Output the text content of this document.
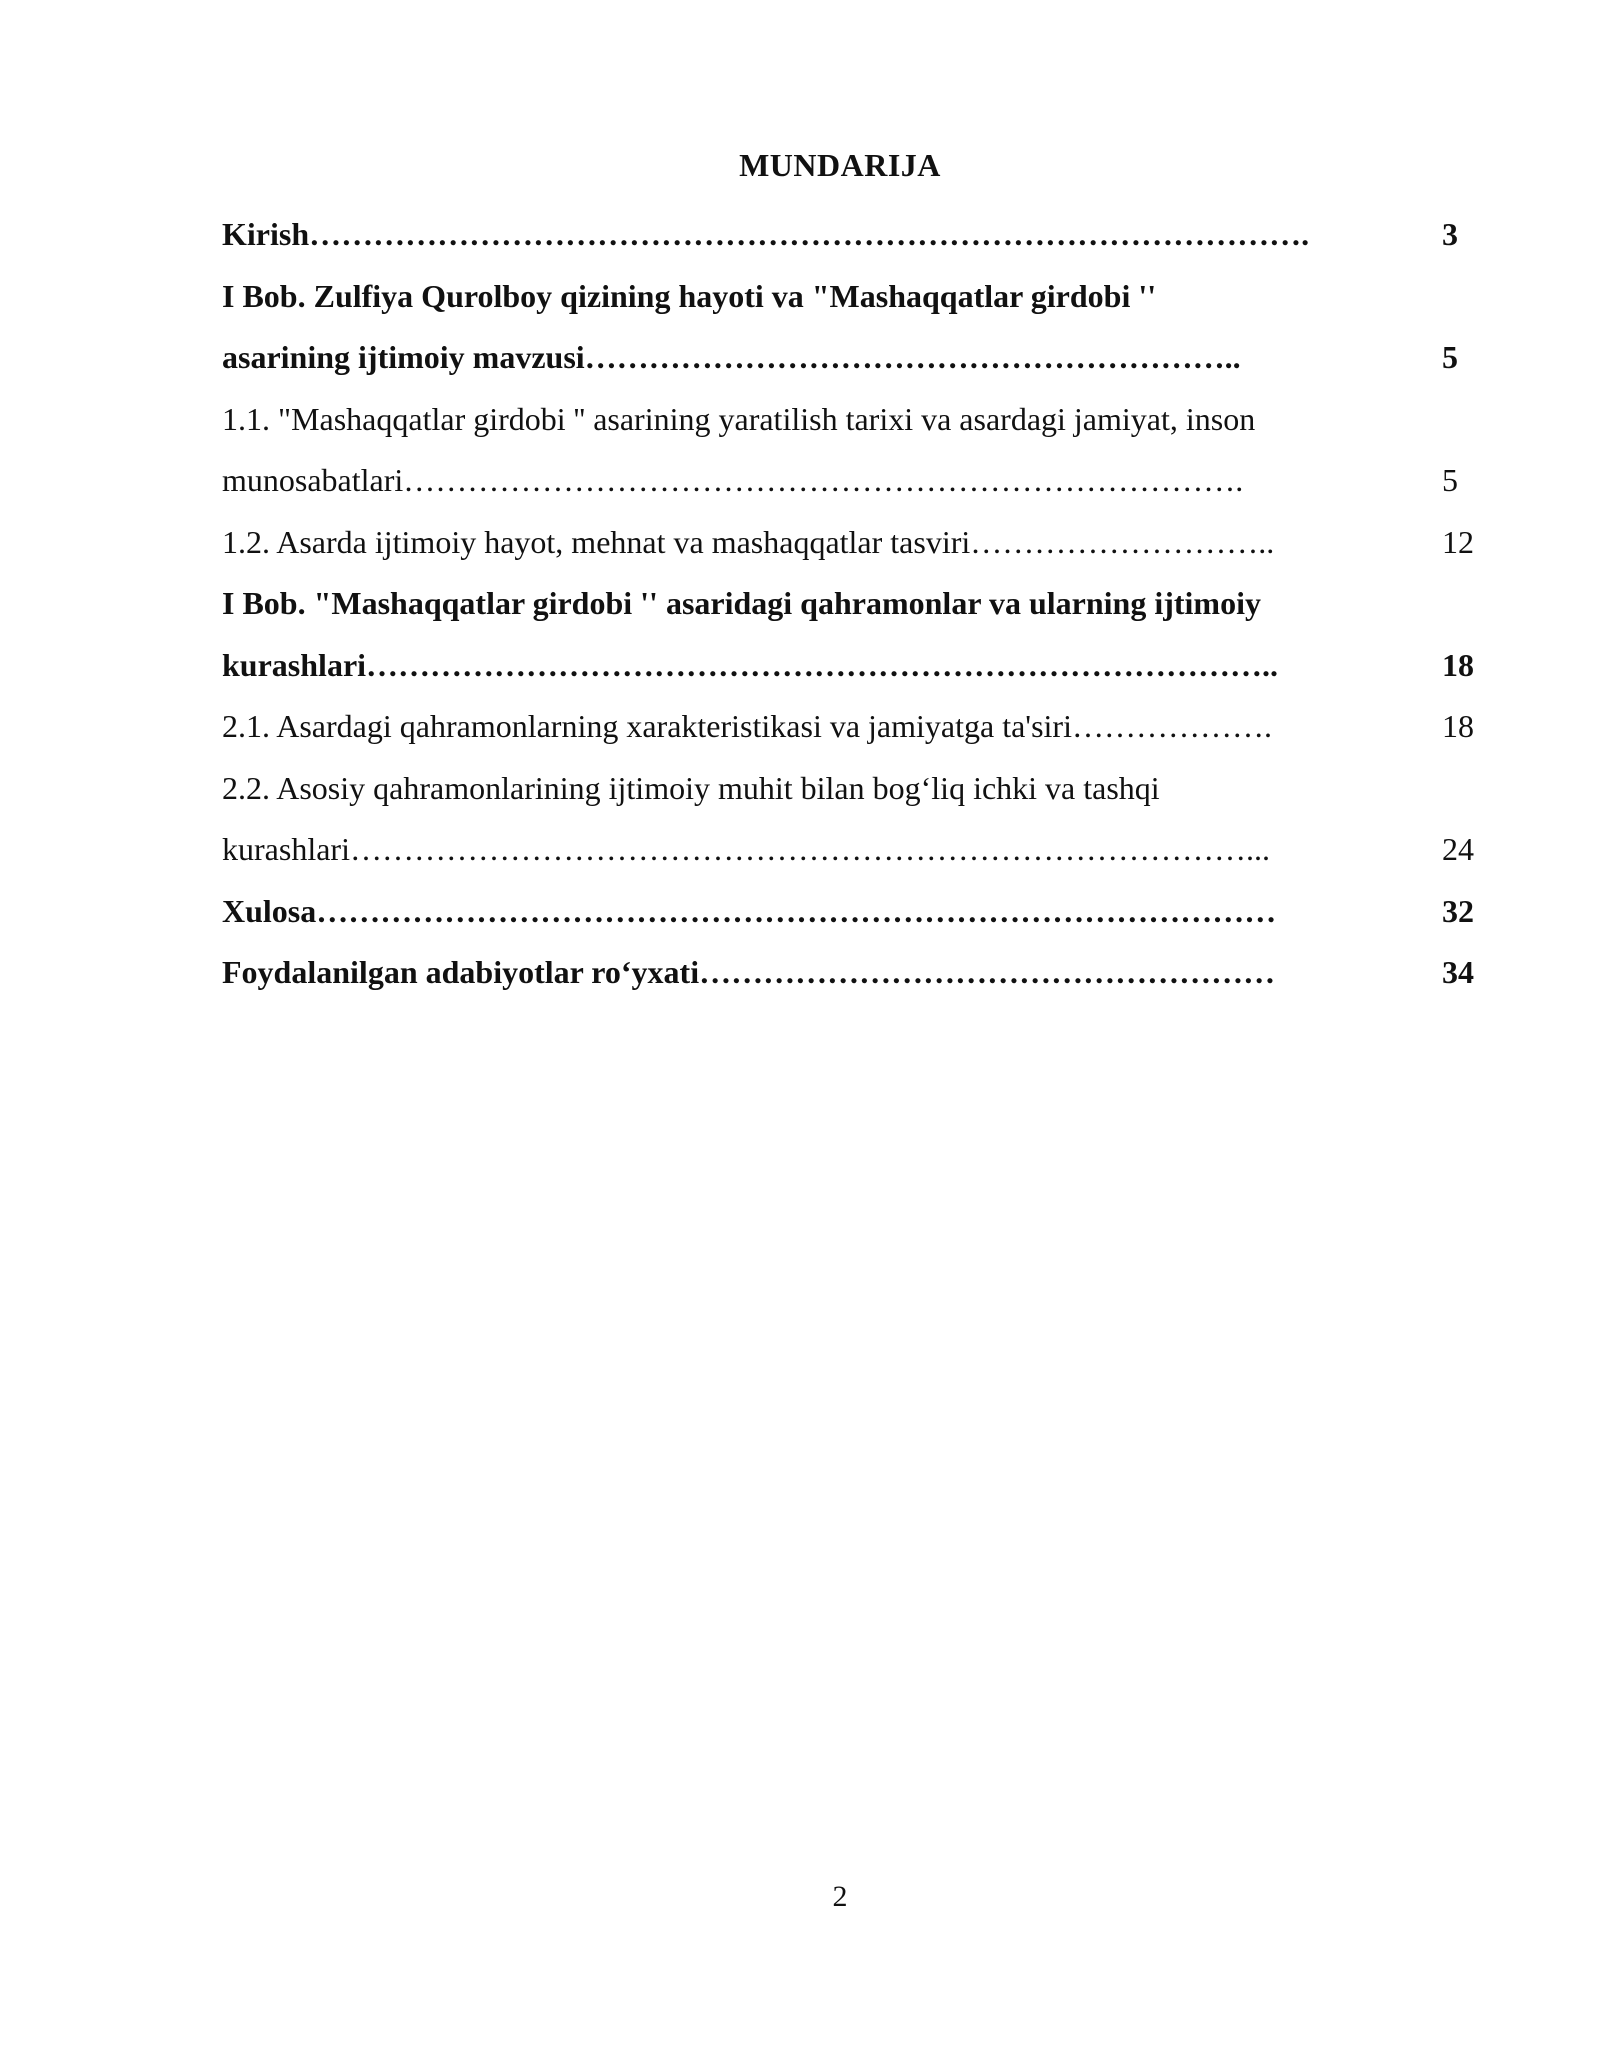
MUNDARIJA
Kirish………………………………………………………………………………….	3
I Bob. Zulfiya Qurolboy qizining hayoti va "Mashaqqatlar girdobi ''
asarining ijtimoiy mavzusi……………………………………………………..	5
1.1. "Mashaqqatlar girdobi '' asarining yaratilish tarixi va asardagi jamiyat, inson
munosabatlari…………………………………………………………………….	5
1.2. Asarda ijtimoiy hayot, mehnat va mashaqqatlar tasviri………………………..	12
I Bob. "Mashaqqatlar girdobi '' asaridagi qahramonlar va ularning ijtimoiy
kurashlari…………………………………………………………………………..	18
2.1. Asardagi qahramonlarning xarakteristikasi va jamiyatga ta'siri……………….	18
2.2. Asosiy qahramonlarining ijtimoiy muhit bilan bog‘liq ichki va tashqi
kurashlari…………………………………………………………………………...	24
Xulosa………………………………………………………………………………	32
Foydalanilgan adabiyotlar ro‘yxati………………………………………………	34
2
